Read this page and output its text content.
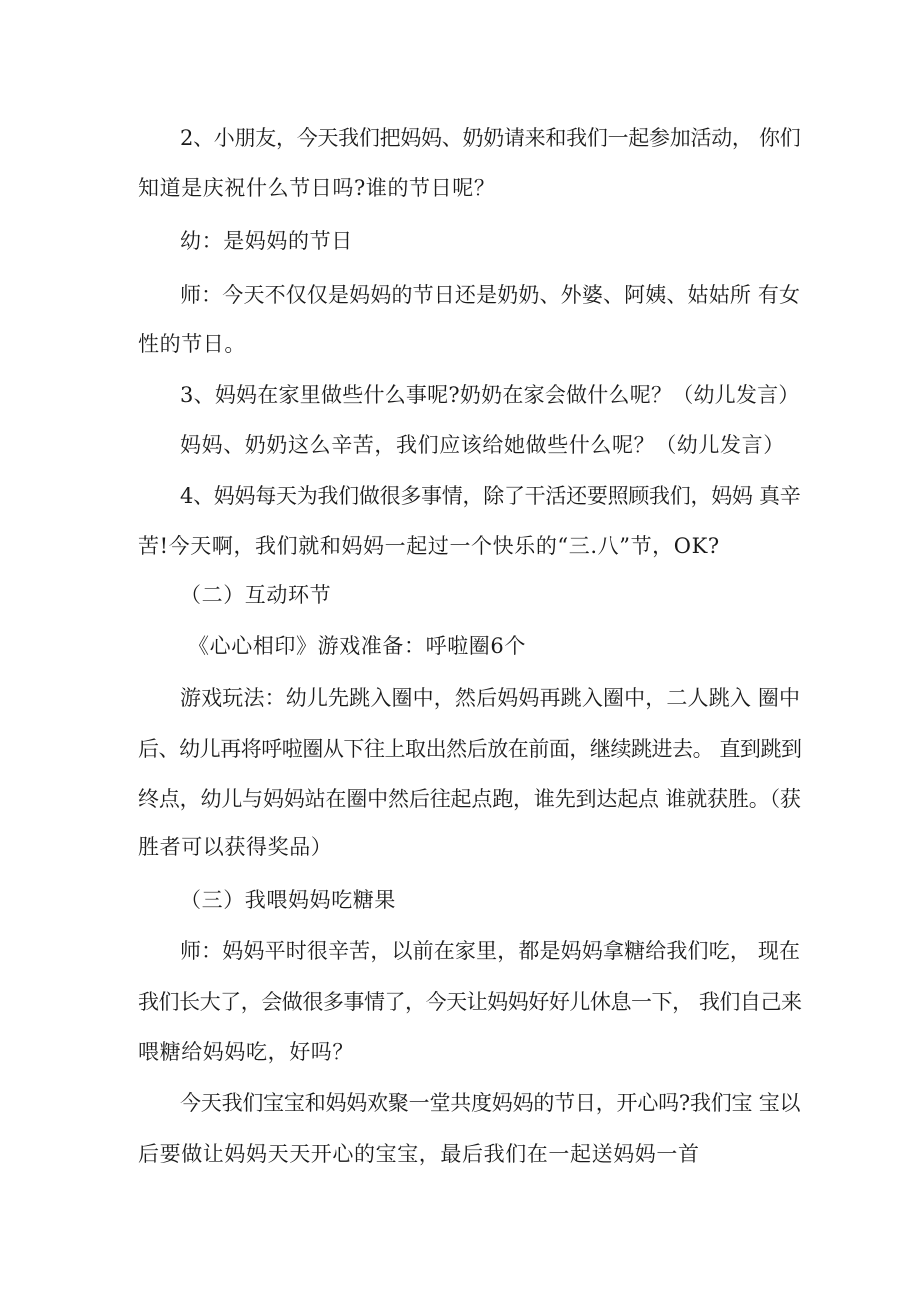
2、小朋友，今天我们把妈妈、奶奶请来和我们一起参加活动， 你们
知道是庆祝什么节日吗?谁的节日呢？
幼：是妈妈的节日
师：今天不仅仅是妈妈的节日还是奶奶、外婆、阿姨、姑姑所 有女
性的节日。
3、妈妈在家里做些什么事呢?奶奶在家会做什么呢？（幼儿发言）
妈妈、奶奶这么辛苦，我们应该给她做些什么呢？（幼儿发言）
4、妈妈每天为我们做很多事情，除了干活还要照顾我们，妈妈 真辛
苦!今天啊，我们就和妈妈一起过一个快乐的“三.八”节，OK?
（二）互动环节
《心心相印》游戏准备：呼啦圈6个
游戏玩法：幼儿先跳入圈中，然后妈妈再跳入圈中，二人跳入 圈中
后、幼儿再将呼啦圈从下往上取出然后放在前面，继续跳进去。 直到跳到
终点，幼儿与妈妈站在圈中然后往起点跑，谁先到达起点 谁就获胜。（获
胜者可以获得奖品）
（三）我喂妈妈吃糖果
师：妈妈平时很辛苦，以前在家里，都是妈妈拿糖给我们吃， 现在
我们长大了，会做很多事情了，今天让妈妈好好儿休息一下， 我们自己来
喂糖给妈妈吃，好吗？
今天我们宝宝和妈妈欢聚一堂共度妈妈的节日，开心吗?我们宝 宝以
后要做让妈妈天天开心的宝宝，最后我们在一起送妈妈一首
